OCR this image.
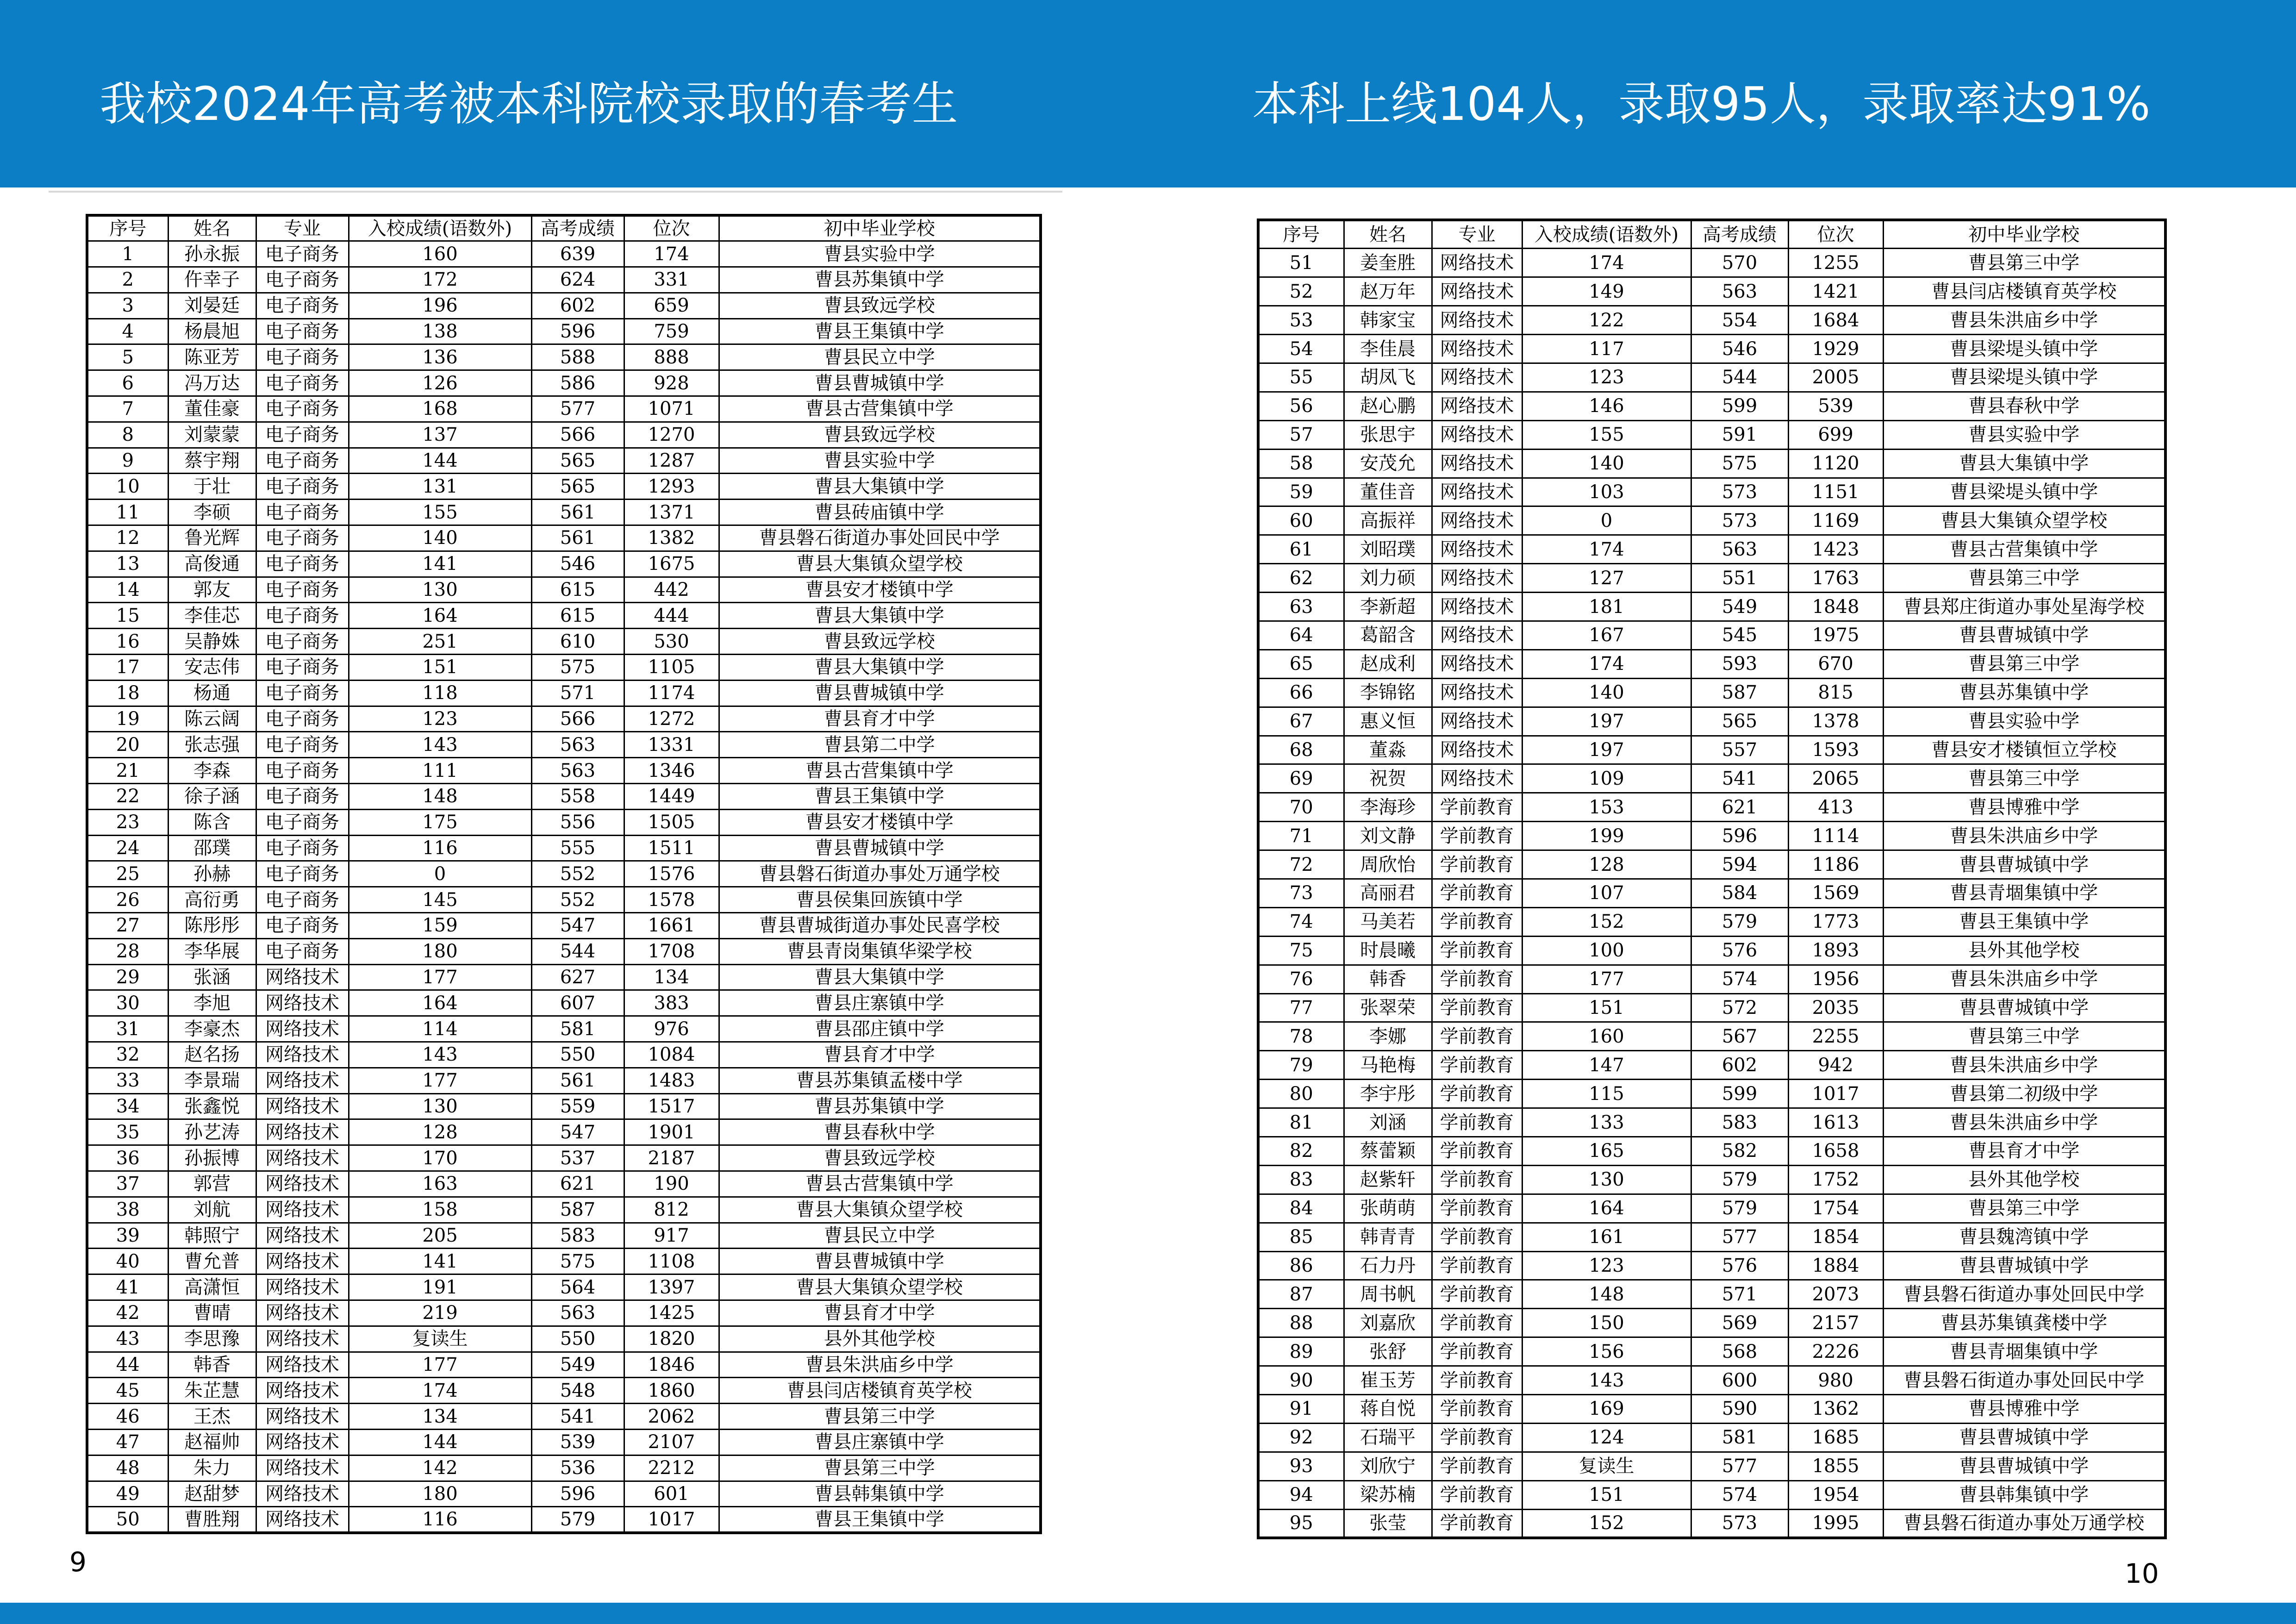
我校2024年高考被本科院校录取的春考生	本科上线104人，录取95人，录取率达91%
序号	姓名	专业	入校成绩(语数外)	高考成绩	位次	初中毕业学校
1	孙永振	电子商务	160	639	174	曹县实验中学
2	仵幸子	电子商务	172	624	331	曹县苏集镇中学
3	刘晏廷	电子商务	196	602	659	曹县致远学校
4	杨晨旭	电子商务	138	596	759	曹县王集镇中学
5	陈亚芳	电子商务	136	588	888	曹县民立中学
6	冯万达	电子商务	126	586	928	曹县曹城镇中学
7	董佳豪	电子商务	168	577	1071	曹县古营集镇中学
8	刘蒙蒙	电子商务	137	566	1270	曹县致远学校
9	蔡宇翔	电子商务	144	565	1287	曹县实验中学
10	于壮	电子商务	131	565	1293	曹县大集镇中学
11	李硕	电子商务	155	561	1371	曹县砖庙镇中学
12	鲁光辉	电子商务	140	561	1382	曹县磐石街道办事处回民中学
13	高俊通	电子商务	141	546	1675	曹县大集镇众望学校
14	郭友	电子商务	130	615	442	曹县安才楼镇中学
15	李佳芯	电子商务	164	615	444	曹县大集镇中学
16	吴静姝	电子商务	251	610	530	曹县致远学校
17	安志伟	电子商务	151	575	1105	曹县大集镇中学
18	杨通	电子商务	118	571	1174	曹县曹城镇中学
19	陈云阔	电子商务	123	566	1272	曹县育才中学
20	张志强	电子商务	143	563	1331	曹县第二中学
21	李森	电子商务	111	563	1346	曹县古营集镇中学
22	徐子涵	电子商务	148	558	1449	曹县王集镇中学
23	陈含	电子商务	175	556	1505	曹县安才楼镇中学
24	邵璞	电子商务	116	555	1511	曹县曹城镇中学
25	孙赫	电子商务	0	552	1576	曹县磐石街道办事处万通学校
26	高衍勇	电子商务	145	552	1578	曹县侯集回族镇中学
27	陈彤彤	电子商务	159	547	1661	曹县曹城街道办事处民喜学校
28	李华展	电子商务	180	544	1708	曹县青岗集镇华梁学校
29	张涵	网络技术	177	627	134	曹县大集镇中学
30	李旭	网络技术	164	607	383	曹县庄寨镇中学
31	李豪杰	网络技术	114	581	976	曹县邵庄镇中学
32	赵名扬	网络技术	143	550	1084	曹县育才中学
33	李景瑞	网络技术	177	561	1483	曹县苏集镇孟楼中学
34	张鑫悦	网络技术	130	559	1517	曹县苏集镇中学
35	孙艺涛	网络技术	128	547	1901	曹县春秋中学
36	孙振博	网络技术	170	537	2187	曹县致远学校
37	郭营	网络技术	163	621	190	曹县古营集镇中学
38	刘航	网络技术	158	587	812	曹县大集镇众望学校
39	韩照宁	网络技术	205	583	917	曹县民立中学
40	曹允普	网络技术	141	575	1108	曹县曹城镇中学
41	高潇恒	网络技术	191	564	1397	曹县大集镇众望学校
42	曹晴	网络技术	219	563	1425	曹县育才中学
43	李思豫	网络技术	复读生	550	1820	县外其他学校
44	韩香	网络技术	177	549	1846	曹县朱洪庙乡中学
45	朱芷慧	网络技术	174	548	1860	曹县闫店楼镇育英学校
46	王杰	网络技术	134	541	2062	曹县第三中学
47	赵福帅	网络技术	144	539	2107	曹县庄寨镇中学
48	朱力	网络技术	142	536	2212	曹县第三中学
49	赵甜梦	网络技术	180	596	601	曹县韩集镇中学
50	曹胜翔	网络技术	116	579	1017	曹县王集镇中学
序号	姓名	专业	入校成绩(语数外)	高考成绩	位次	初中毕业学校
51	姜奎胜	网络技术	174	570	1255	曹县第三中学
52	赵万年	网络技术	149	563	1421	曹县闫店楼镇育英学校
53	韩家宝	网络技术	122	554	1684	曹县朱洪庙乡中学
54	李佳晨	网络技术	117	546	1929	曹县梁堤头镇中学
55	胡凤飞	网络技术	123	544	2005	曹县梁堤头镇中学
56	赵心鹏	网络技术	146	599	539	曹县春秋中学
57	张思宇	网络技术	155	591	699	曹县实验中学
58	安茂允	网络技术	140	575	1120	曹县大集镇中学
59	董佳音	网络技术	103	573	1151	曹县梁堤头镇中学
60	高振祥	网络技术	0	573	1169	曹县大集镇众望学校
61	刘昭璞	网络技术	174	563	1423	曹县古营集镇中学
62	刘力硕	网络技术	127	551	1763	曹县第三中学
63	李新超	网络技术	181	549	1848	曹县郑庄街道办事处星海学校
64	葛韶含	网络技术	167	545	1975	曹县曹城镇中学
65	赵成利	网络技术	174	593	670	曹县第三中学
66	李锦铭	网络技术	140	587	815	曹县苏集镇中学
67	惠义恒	网络技术	197	565	1378	曹县实验中学
68	董淼	网络技术	197	557	1593	曹县安才楼镇恒立学校
69	祝贺	网络技术	109	541	2065	曹县第三中学
70	李海珍	学前教育	153	621	413	曹县博雅中学
71	刘文静	学前教育	199	596	1114	曹县朱洪庙乡中学
72	周欣怡	学前教育	128	594	1186	曹县曹城镇中学
73	高丽君	学前教育	107	584	1569	曹县青堌集镇中学
74	马美若	学前教育	152	579	1773	曹县王集镇中学
75	时晨曦	学前教育	100	576	1893	县外其他学校
76	韩香	学前教育	177	574	1956	曹县朱洪庙乡中学
77	张翠荣	学前教育	151	572	2035	曹县曹城镇中学
78	李娜	学前教育	160	567	2255	曹县第三中学
79	马艳梅	学前教育	147	602	942	曹县朱洪庙乡中学
80	李宇彤	学前教育	115	599	1017	曹县第二初级中学
81	刘涵	学前教育	133	583	1613	曹县朱洪庙乡中学
82	蔡蕾颖	学前教育	165	582	1658	曹县育才中学
83	赵紫轩	学前教育	130	579	1752	县外其他学校
84	张萌萌	学前教育	164	579	1754	曹县第三中学
85	韩青青	学前教育	161	577	1854	曹县魏湾镇中学
86	石力丹	学前教育	123	576	1884	曹县曹城镇中学
87	周书帆	学前教育	148	571	2073	曹县磐石街道办事处回民中学
88	刘嘉欣	学前教育	150	569	2157	曹县苏集镇龚楼中学
89	张舒	学前教育	156	568	2226	曹县青堌集镇中学
90	崔玉芳	学前教育	143	600	980	曹县磐石街道办事处回民中学
91	蒋自悦	学前教育	169	590	1362	曹县博雅中学
92	石瑞平	学前教育	124	581	1685	曹县曹城镇中学
93	刘欣宁	学前教育	复读生	577	1855	曹县曹城镇中学
94	梁苏楠	学前教育	151	574	1954	曹县韩集镇中学
95	张莹	学前教育	152	573	1995	曹县磐石街道办事处万通学校
9	10
